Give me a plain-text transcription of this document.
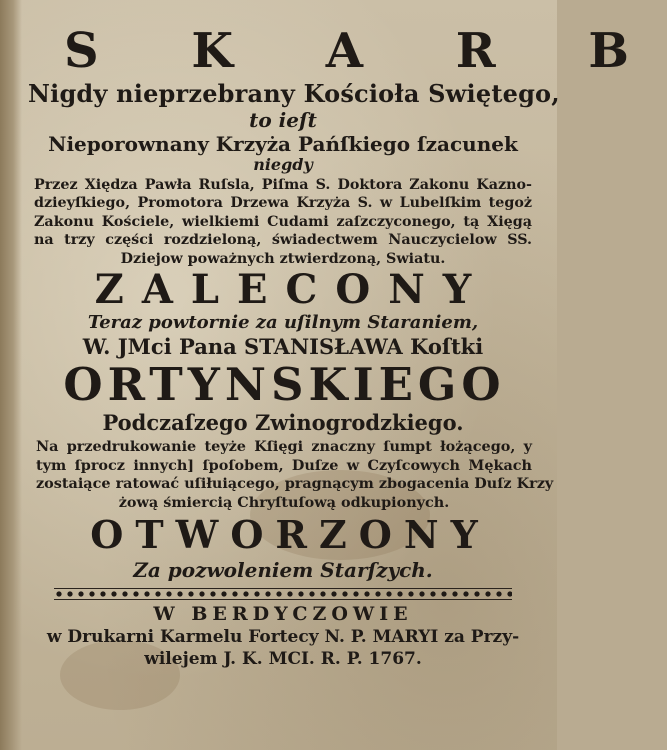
S K A R B
Nigdy nieprzebrany Kościoła Swiętego,
to ieſt
Nieporownany Krzyża Pańſkiego ſzacunek
niegdy
Przez Xiędza Pawła Ruſsla, Piſma S. Doktora Zakonu Kazno-
dzieyſkiego, Promotora Drzewa Krzyża S. w Lubelſkim tegoż
Zakonu Kościele, wielkiemi Cudami zaſzczyconego, tą Xięgą
na trzy części rozdzieloną, świadectwem Nauczycielow SS.
Dziejow poważnych ztwierdzoną, Swiatu.
ZALECONY
Teraz powtornie za uſilnym Staraniem,
W. JMci Pana STANISŁAWA Koſtki
ORTYNSKIEGO
Podczaſzego Zwinogrodzkiego.
Na przedrukowanie teyże Kſięgi znaczny ſumpt łożącego, y
tym ſprocz innych] ſpoſobem, Duſze w Czyſcowych Mękach
zostaiące ratować uſiłuiącego, pragnącym zbogacenia Duſz Krzy
żową śmiercią Chryſtuſową odkupionych.
OTWORZONY
Za pozwoleniem Starſzych.
W BERDYCZOWIE
w Drukarni Karmelu Fortecy N. P. MARYI za Przy-
wilejem J. K. MCI. R. P. 1767.
